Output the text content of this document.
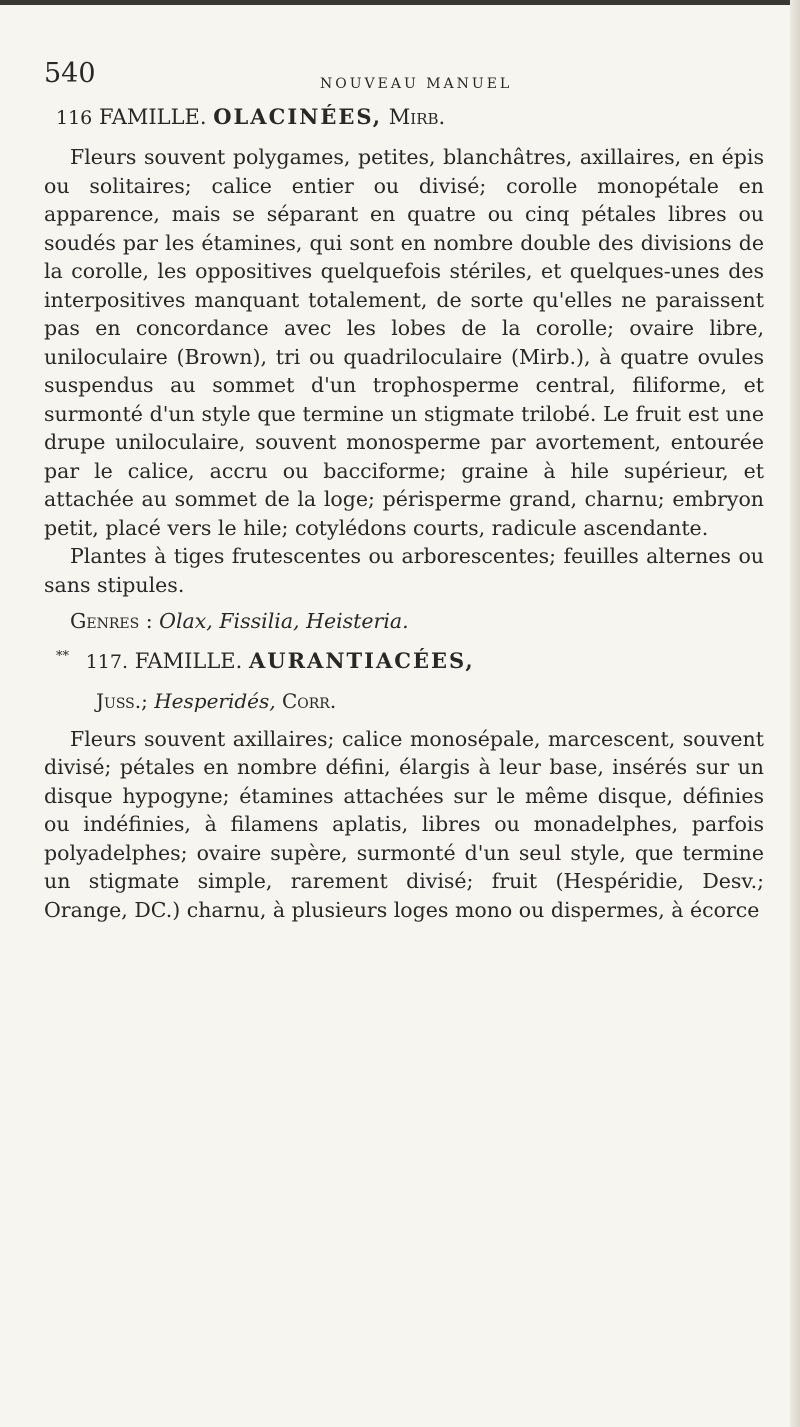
540	NOUVEAU MANUEL
116 FAMILLE. OLACINÉES, Mirb.

Fleurs souvent polygames, petites, blanchâtres, axillaires, en épis ou solitaires; calice entier ou divisé; corolle monopétale en apparence, mais se séparant en quatre ou cinq pétales libres ou soudés par les étamines, qui sont en nombre double des divisions de la corolle, les oppositives quelquefois stériles, et quelques-unes des interpositives manquant totalement, de sorte qu'elles ne paraissent pas en concordance avec les lobes de la corolle; ovaire libre, uniloculaire (Brown), tri ou quadriloculaire (Mirb.), à quatre ovules suspendus au sommet d'un trophosperme central, filiforme, et surmonté d'un style que termine un stigmate trilobé. Le fruit est une drupe uniloculaire, souvent monosperme par avortement, entourée par le calice, accru ou bacciforme; graine à hile supérieur, et attachée au sommet de la loge; périsperme grand, charnu; embryon petit, placé vers le hile; cotylédons courts, radicule ascendante.

Plantes à tiges frutescentes ou arborescentes; feuilles alternes ou sans stipules.

Genres : Olax, Fissilia, Heisteria.
** 117. FAMILLE. AURANTIACÉES,
Juss.; Hesperidés, Corr.

Fleurs souvent axillaires; calice monosépale, marcescent, souvent divisé; pétales en nombre défini, élargis à leur base, insérés sur un disque hypogyne; étamines attachées sur le même disque, définies ou indéfinies, à filamens aplatis, libres ou monadelphes, parfois polyadelphes; ovaire supère, surmonté d'un seul style, que termine un stigmate simple, rarement divisé; fruit (Hespéridie, Desv.; Orange, DC.) charnu, à plusieurs loges mono ou dispermes, à écorce
